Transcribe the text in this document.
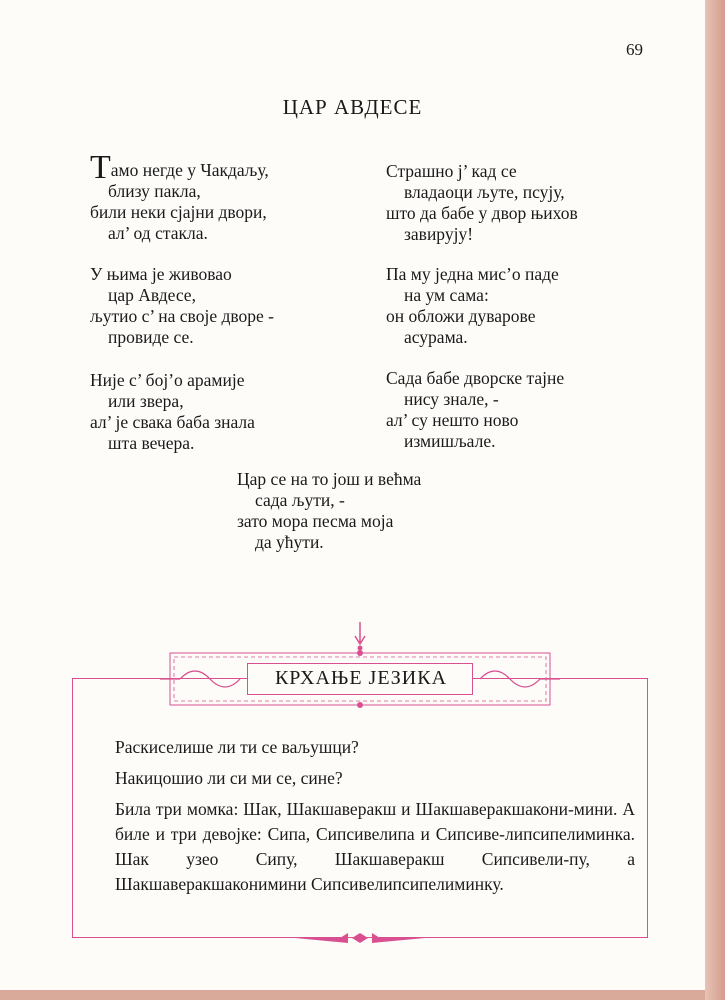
69
ЦАР АВДЕСЕ
Тамо негде у Чакдаљу,
близу пакла,
били неки сјајни двори,
ал’ од стакла.
У њима је живовао
цар Авдесе,
љутио с’ на своје дворе -
провиде се.
Није с’ бој’о арамије
или звера,
ал’ је свака баба знала
шта вечера.
Страшно ј’ кад се
владаоци љуте, псују,
што да бабе у двор њихов
завирују!
Па му једна мис’о паде
на ум сама:
он обложи дуварове
асурама.
Сада бабе дворске тајне
нису знале, -
ал’ су нешто ново
измишљале.
Цар се на то још и већма
сада љути, -
зато мора песма моја
да ућути.
КРХАЊЕ ЈЕЗИКА
Раскиселише ли ти се ваљушци?
Накицошио ли си ми се, сине?
Била три момка: Шак, Шакшаверакш и Шакшаверакшакони-мини. А биле и три девојке: Сипа, Сипсивелипа и Сипсиве-липсипелиминка. Шак узео Сипу, Шакшаверакш Сипсивели-пу, а Шакшаверакшаконимини Сипсивелипсипелиминку.
